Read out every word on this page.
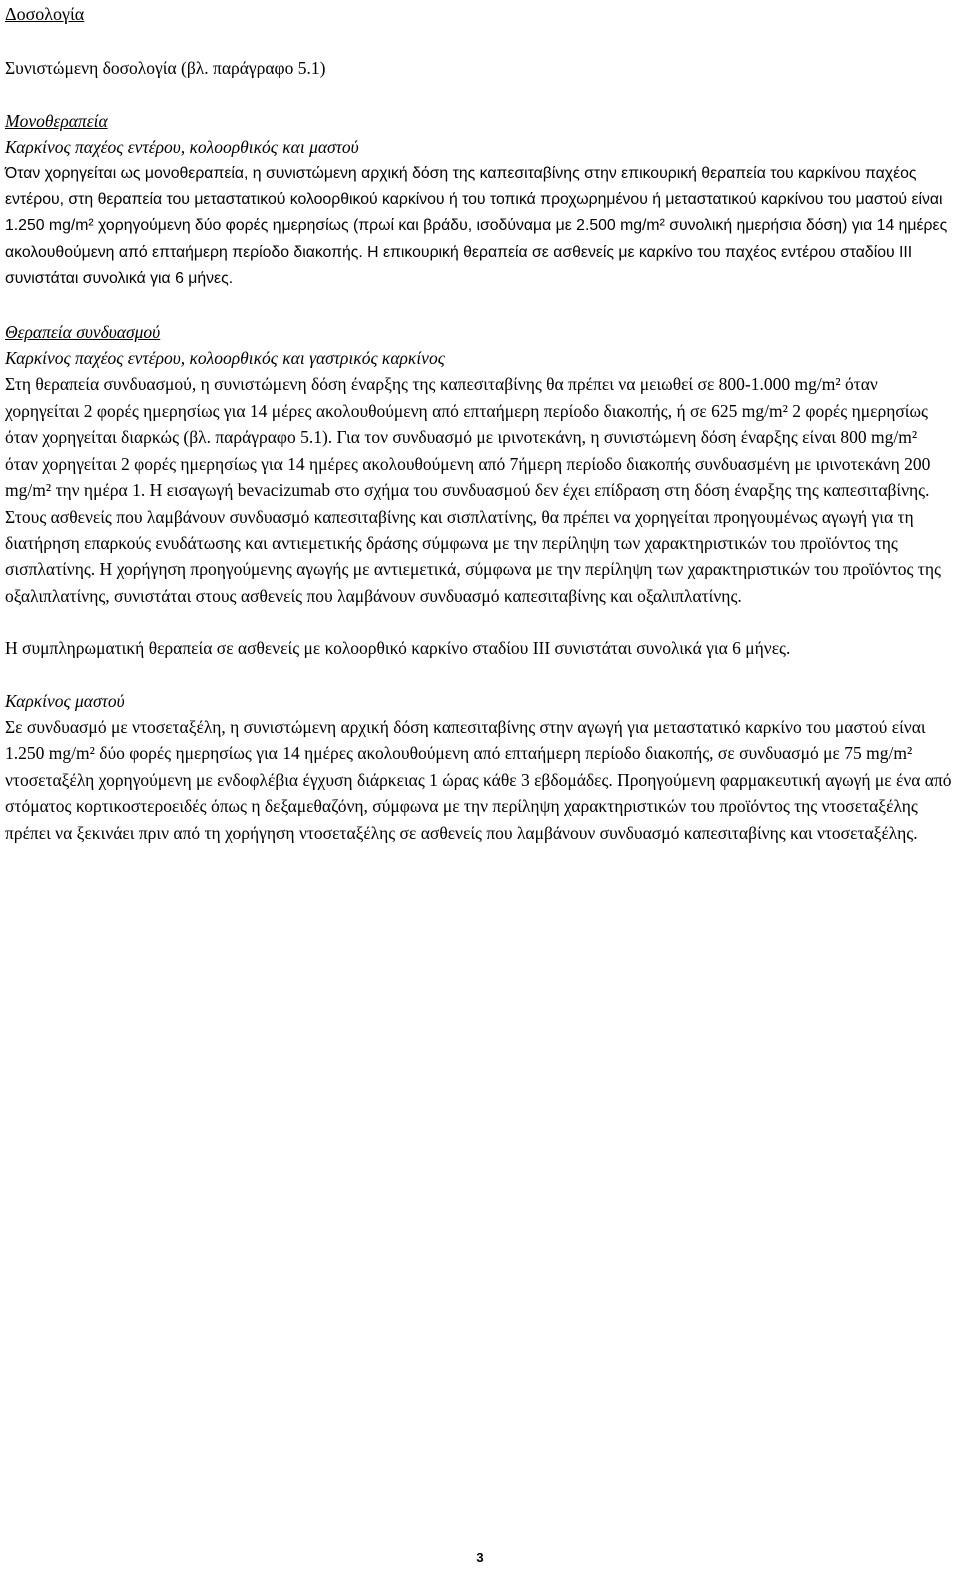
Δοσολογία

Συνιστώμενη δοσολογία (βλ. παράγραφο 5.1)

Μονοθεραπεία

Καρκίνος παχέος εντέρου, κολοορθικός και μαστού

Όταν χορηγείται ως μονοθεραπεία, η συνιστώμενη αρχική δόση της καπεσιταβίνης στην επικουρική θεραπεία του καρκίνου παχέος εντέρου, στη θεραπεία του μεταστατικού κολοορθικού καρκίνου ή του τοπικά προχωρημένου ή μεταστατικού καρκίνου του μαστού είναι 1.250 mg/m² χορηγούμενη δύο φορές ημερησίως (πρωί και βράδυ, ισοδύναμα με 2.500 mg/m² συνολική ημερήσια δόση) για 14 ημέρες ακολουθούμενη από επταήμερη περίοδο διακοπής. Η επικουρική θεραπεία σε ασθενείς με καρκίνο του παχέος εντέρου σταδίου ΙΙΙ συνιστάται συνολικά για 6 μήνες.

Θεραπεία συνδυασμού

Καρκίνος παχέος εντέρου, κολοορθικός και γαστρικός καρκίνος

Στη θεραπεία συνδυασμού, η συνιστώμενη δόση έναρξης της καπεσιταβίνης θα πρέπει να μειωθεί σε 800-1.000 mg/m² όταν χορηγείται 2 φορές ημερησίως για 14 μέρες ακολουθούμενη από επταήμερη περίοδο διακοπής, ή σε 625 mg/m² 2 φορές ημερησίως όταν χορηγείται διαρκώς (βλ. παράγραφο 5.1). Για τον συνδυασμό με ιρινοτεκάνη, η συνιστώμενη δόση έναρξης είναι 800 mg/m² όταν χορηγείται 2 φορές ημερησίως για 14 ημέρες ακολουθούμενη από 7ήμερη περίοδο διακοπής συνδυασμένη με ιρινοτεκάνη 200 mg/m² την ημέρα 1. Η εισαγωγή bevacizumab στο σχήμα του συνδυασμού δεν έχει επίδραση στη δόση έναρξης της καπεσιταβίνης. Στους ασθενείς που λαμβάνουν συνδυασμό καπεσιταβίνης και σισπλατίνης, θα πρέπει να χορηγείται προηγουμένως αγωγή για τη διατήρηση επαρκούς ενυδάτωσης και αντιεμετικής δράσης σύμφωνα με την περίληψη των χαρακτηριστικών του προϊόντος της σισπλατίνης. Η χορήγηση προηγούμενης αγωγής με αντιεμετικά, σύμφωνα με την περίληψη των χαρακτηριστικών του προϊόντος της οξαλιπλατίνης, συνιστάται στους ασθενείς που λαμβάνουν συνδυασμό καπεσιταβίνης και οξαλιπλατίνης.

Η συμπληρωματική θεραπεία σε ασθενείς με κολοορθικό καρκίνο σταδίου ΙΙΙ συνιστάται συνολικά για 6 μήνες.

Καρκίνος μαστού

Σε συνδυασμό με ντοσεταξέλη, η συνιστώμενη αρχική δόση καπεσιταβίνης στην αγωγή για μεταστατικό καρκίνο του μαστού είναι 1.250 mg/m² δύο φορές ημερησίως για 14 ημέρες ακολουθούμενη από επταήμερη περίοδο διακοπής, σε συνδυασμό με 75 mg/m² ντοσεταξέλη χορηγούμενη με ενδοφλέβια έγχυση διάρκειας 1 ώρας κάθε 3 εβδομάδες. Προηγούμενη φαρμακευτική αγωγή με ένα από στόματος κορτικοστεροειδές όπως η δεξαμεθαζόνη, σύμφωνα με την περίληψη χαρακτηριστικών του προϊόντος της ντοσεταξέλης πρέπει να ξεκινάει πριν από τη χορήγηση ντοσεταξέλης σε ασθενείς που λαμβάνουν συνδυασμό καπεσιταβίνης και ντοσεταξέλης.

3
